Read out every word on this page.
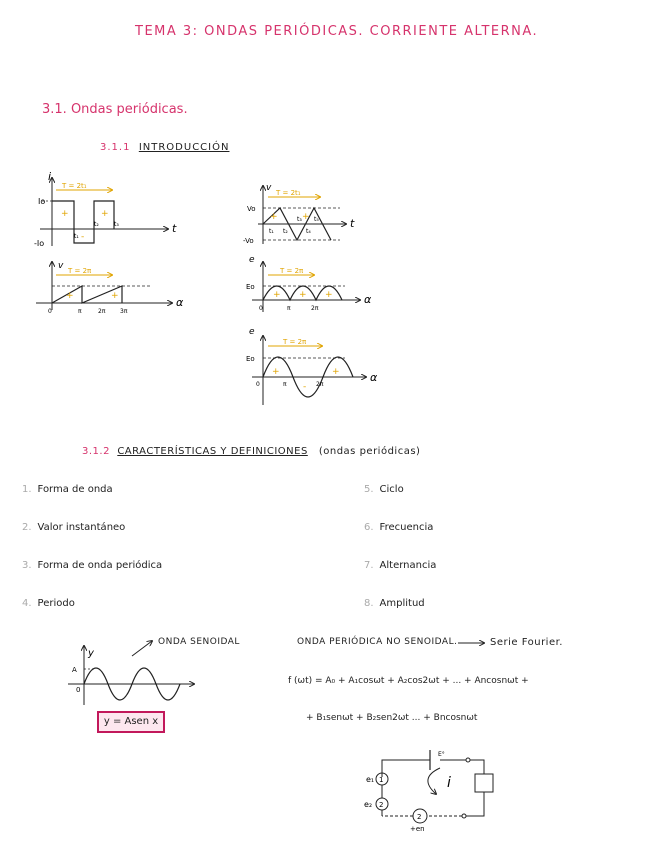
TEMA 3: ONDAS PERIÓDICAS. CORRIENTE ALTERNA.
3.1. Ondas periódicas.
3.1.1 INTRODUCCIÓN
T = 2t₁
+
-
+
Io
-Io
i
t
t₁
t₂	t₃
T = 2π
+	+
v
α
0	π	2π 3π
T = 2t₁
+	+
Vo
-Vo
v
t
t₁ t₂
t₃
t₄
t₅
T = 2π
+ + +
Eo
e
α
0	π	2π
T = 2π
+
-
+
Eo
e
α
0	π	2π
y
A
0
1
2
2
e₁
e₂
+en
E°
i
3.1.2 CARACTERÍSTICAS Y DEFINICIONES (ondas periódicas)
1. Forma de onda
2. Valor instantáneo
3. Forma de onda periódica
4. Periodo
5. Ciclo
6. Frecuencia
7. Alternancia
8. Amplitud
ONDA SENOIDAL
y = Asen x
ONDA PERIÓDICA NO SENOIDAL.	Serie Fourier.
f (ωt) = A₀ + A₁cosωt + A₂cos2ωt + ... + Ancosnωt +
+ B₁senωt + B₂sen2ωt ... + Bncosnωt
